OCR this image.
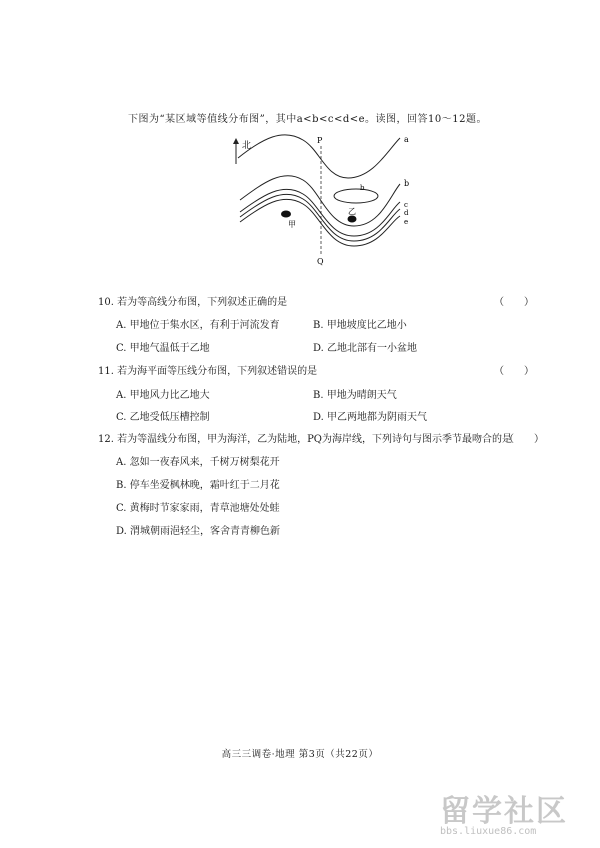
下图为“某区域等值线分布图”，其中a<b<c<d<e。读图，回答10～12题。
北
P
Q
a
b	b
c
d
e
甲
乙
10. 若为等高线分布图，下列叙述正确的是	（　　）
A. 甲地位于集水区，有利于河流发育	B. 甲地坡度比乙地小
C. 甲地气温低于乙地	D. 乙地北部有一小盆地
11. 若为海平面等压线分布图，下列叙述错误的是	（　　）
A. 甲地风力比乙地大	B. 甲地为晴朗天气
C. 乙地受低压槽控制	D. 甲乙两地都为阴雨天气
12. 若为等温线分布图，甲为海洋，乙为陆地，PQ为海岸线，下列诗句与图示季节最吻合的是
（　　）
A. 忽如一夜春风来，千树万树梨花开
B. 停车坐爱枫林晚，霜叶红于二月花
C. 黄梅时节家家雨，青草池塘处处蛙
D. 渭城朝雨浥轻尘，客舍青青柳色新
高三三调卷·地理 第3页（共22页）
留学社区
bbs.liuxue86.com
